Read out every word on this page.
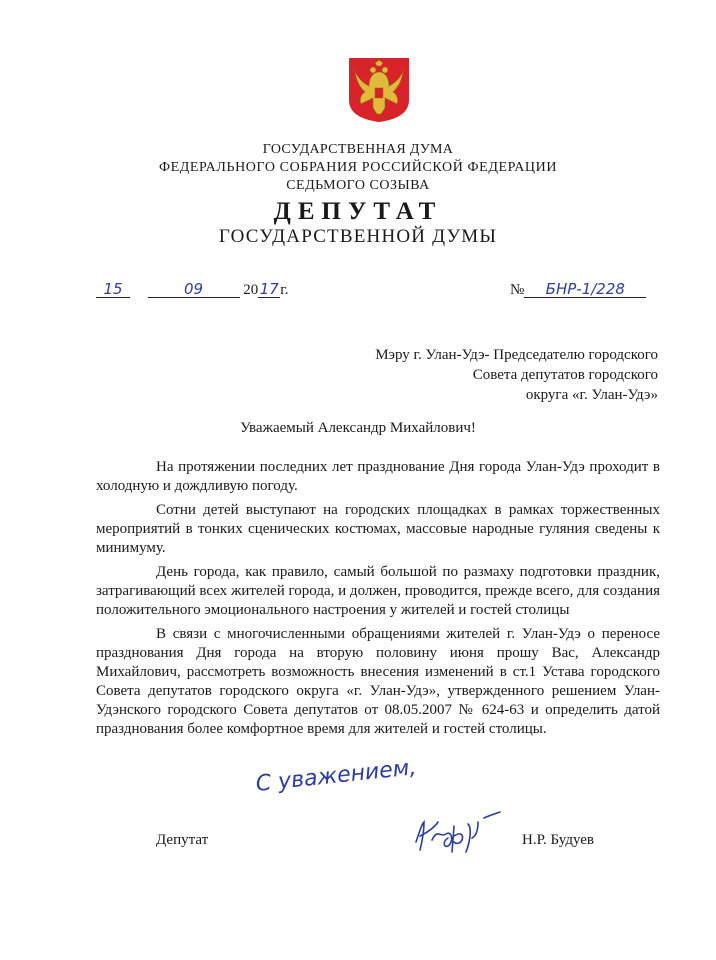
ГОСУДАРСТВЕННАЯ ДУМА
ФЕДЕРАЛЬНОГО СОБРАНИЯ РОССИЙСКОЙ ФЕДЕРАЦИИ
СЕДЬМОГО СОЗЫВА
ДЕПУТАТ
ГОСУДАРСТВЕННОЙ ДУМЫ
15	09	2017г.	№ БНР-1/228
Мэру г. Улан-Удэ- Председателю городского
Совета депутатов городского
округа «г. Улан-Удэ»
Уважаемый Александр Михайлович!

На протяжении последних лет празднование Дня города Улан-Удэ проходит в холодную и дождливую погоду.

Сотни детей выступают на городских площадках в рамках торжественных мероприятий в тонких сценических костюмах, массовые народные гуляния сведены к минимуму.

День города, как правило, самый большой по размаху подготовки праздник, затрагивающий всех жителей города, и должен, проводится, прежде всего, для создания положительного эмоционального настроения у жителей и гостей столицы

В связи с многочисленными обращениями жителей г. Улан-Удэ о переносе празднования Дня города на вторую половину июня прошу Вас, Александр Михайлович, рассмотреть возможность внесения изменений в ст.1 Устава городского Совета депутатов городского округа «г. Улан-Удэ», утвержденного решением Улан-Удэнского городского Совета депутатов от 08.05.2007 № 624-63 и определить датой празднования более комфортное время для жителей и гостей столицы.

С уважением,
Депутат	Н.Р. Будуев
